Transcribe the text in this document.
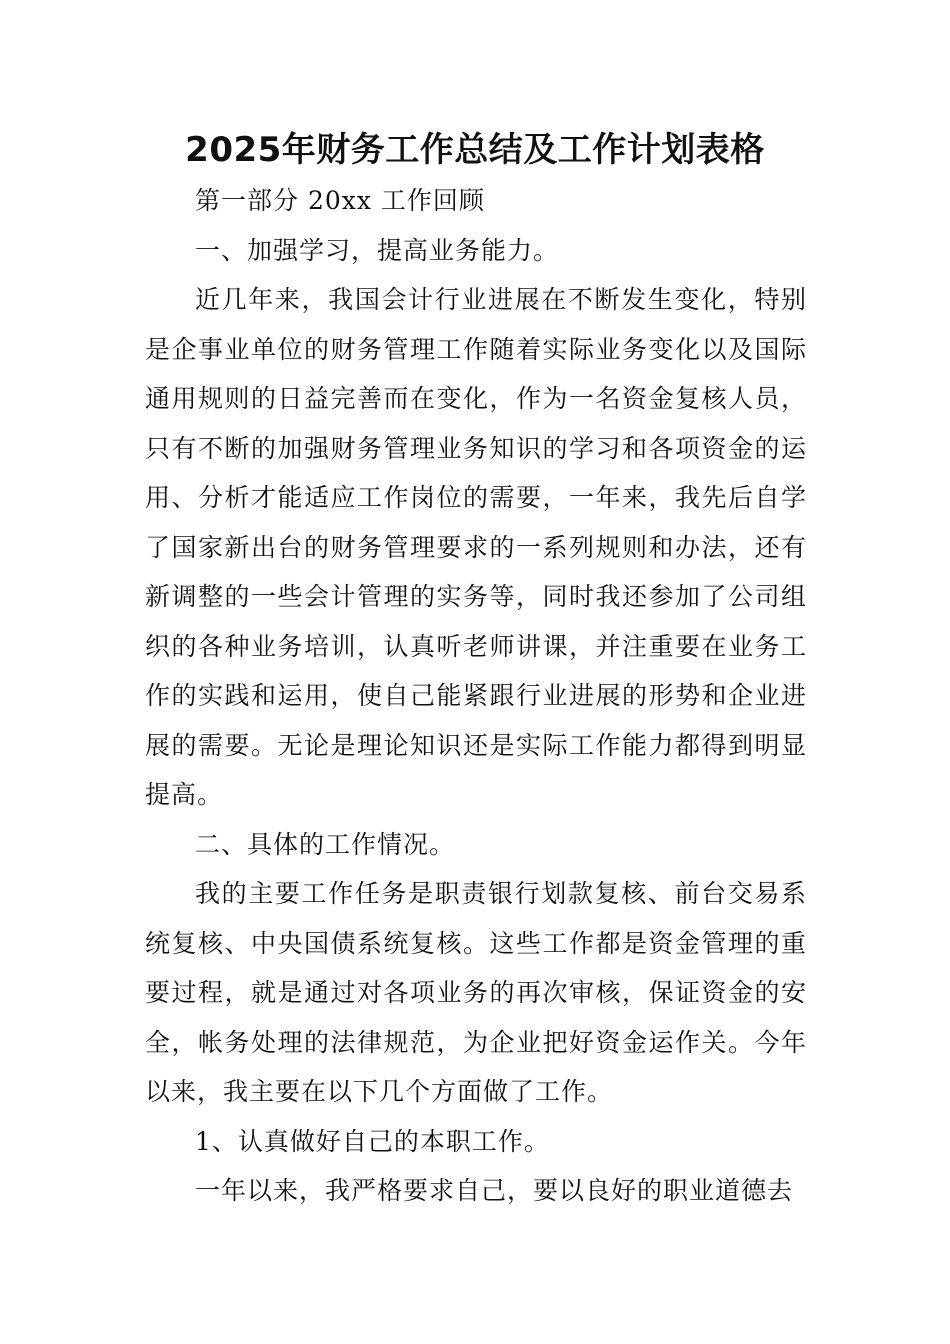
2025年财务工作总结及工作计划表格

第一部分 20xx 工作回顾

一、加强学习，提高业务能力。

近几年来，我国会计行业进展在不断发生变化，特别是企事业单位的财务管理工作随着实际业务变化以及国际通用规则的日益完善而在变化，作为一名资金复核人员，只有不断的加强财务管理业务知识的学习和各项资金的运用、分析才能适应工作岗位的需要，一年来，我先后自学了国家新出台的财务管理要求的一系列规则和办法，还有新调整的一些会计管理的实务等，同时我还参加了公司组织的各种业务培训，认真听老师讲课，并注重要在业务工作的实践和运用，使自己能紧跟行业进展的形势和企业进展的需要。无论是理论知识还是实际工作能力都得到明显提高。

二、具体的工作情况。

我的主要工作任务是职责银行划款复核、前台交易系统复核、中央国债系统复核。这些工作都是资金管理的重要过程，就是通过对各项业务的再次审核，保证资金的安全，帐务处理的法律规范，为企业把好资金运作关。今年以来，我主要在以下几个方面做了工作。

1、认真做好自己的本职工作。

一年以来，我严格要求自己，要以良好的职业道德去
